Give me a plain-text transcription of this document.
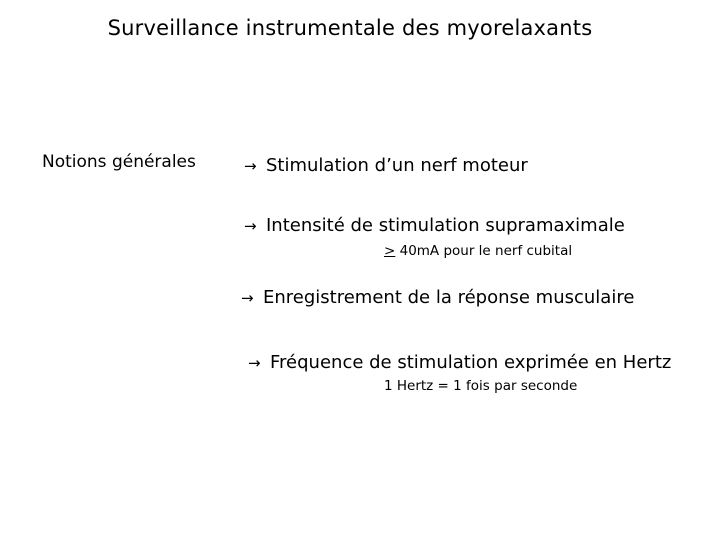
Surveillance instrumentale des myorelaxants
Notions générales	→ Stimulation d’un nerf moteur
→ Intensité de stimulation supramaximale
≥ 40mA pour le nerf cubital
→ Enregistrement de la réponse musculaire
→ Fréquence de stimulation exprimée en Hertz
1 Hertz = 1 fois par seconde
